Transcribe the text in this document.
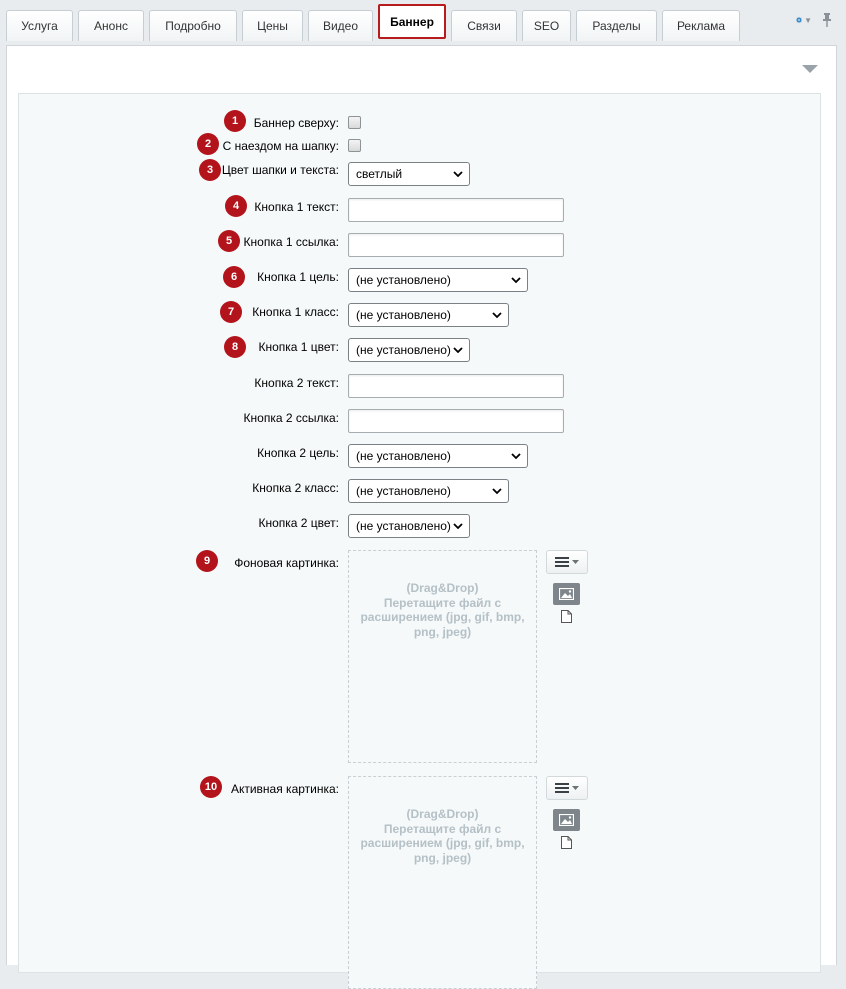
Услуга	Анонс	Подробно	Цены	Видео	Баннер	Связи	SEO	Разделы	Реклама	▼
1	Баннер сверху:
2 С наездом на шапку:
3 Цвет шапки и текста: светлый
4	Кнопка 1 текст:
5 Кнопка 1 ссылка:
6	Кнопка 1 цель: (не установлено)
7	Кнопка 1 класс: (не установлено)
8	Кнопка 1 цвет: (не установлено)
Кнопка 2 текст:
Кнопка 2 ссылка:
Кнопка 2 цель: (не установлено)
Кнопка 2 класс: (не установлено)
Кнопка 2 цвет: (не установлено)
9	Фоновая картинка:
(Drag&Drop)
Перетащите файл с
расширением (jpg, gif, bmp,
png, jpeg)
10	Активная картинка:
(Drag&Drop)
Перетащите файл с
расширением (jpg, gif, bmp,
png, jpeg)
